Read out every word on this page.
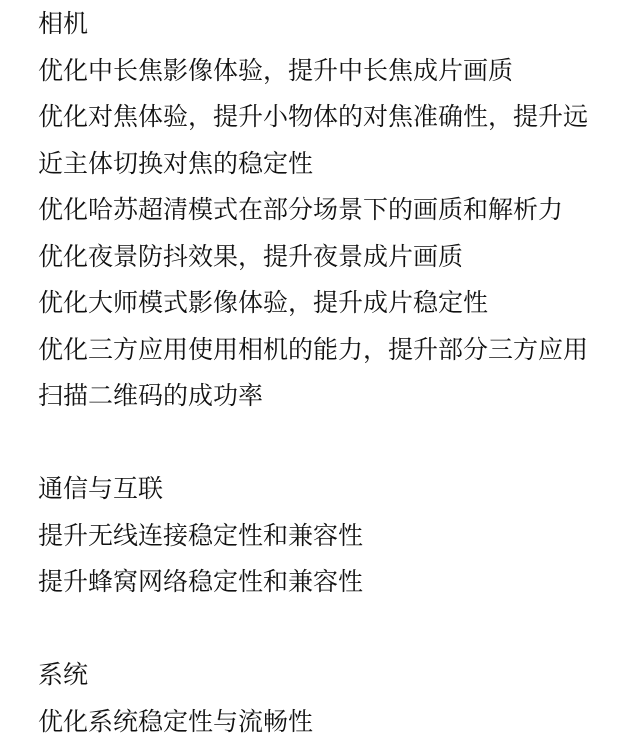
相机
优化中长焦影像体验，提升中长焦成片画质
优化对焦体验，提升小物体的对焦准确性，提升远
近主体切换对焦的稳定性
优化哈苏超清模式在部分场景下的画质和解析力
优化夜景防抖效果，提升夜景成片画质
优化大师模式影像体验，提升成片稳定性
优化三方应用使用相机的能力，提升部分三方应用
扫描二维码的成功率
通信与互联
提升无线连接稳定性和兼容性
提升蜂窝网络稳定性和兼容性
系统
优化系统稳定性与流畅性
